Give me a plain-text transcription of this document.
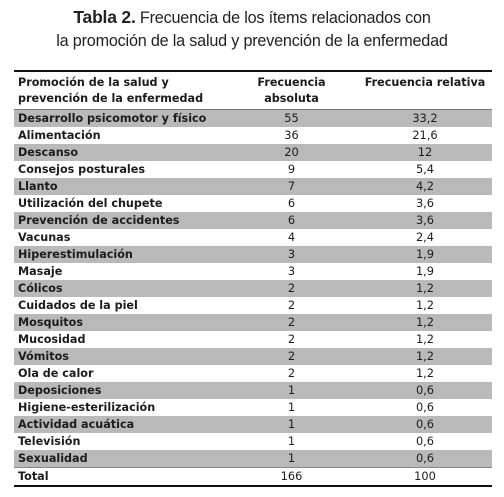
Tabla 2. Frecuencia de los ítems relacionados con
la promoción de la salud y prevención de la enfermedad
Promoción de la salud y prevención de la enfermedad	Frecuencia absoluta	Frecuencia relativa
Desarrollo psicomotor y físico	55	33,2
Alimentación	36	21,6
Descanso	20	12
Consejos posturales	9	5,4
Llanto	7	4,2
Utilización del chupete	6	3,6
Prevención de accidentes	6	3,6
Vacunas	4	2,4
Hiperestimulación	3	1,9
Masaje	3	1,9
Cólicos	2	1,2
Cuidados de la piel	2	1,2
Mosquitos	2	1,2
Mucosidad	2	1,2
Vómitos	2	1,2
Ola de calor	2	1,2
Deposiciones	1	0,6
Higiene-esterilización	1	0,6
Actividad acuática	1	0,6
Televisión	1	0,6
Sexualidad	1	0,6
Total	166	100
